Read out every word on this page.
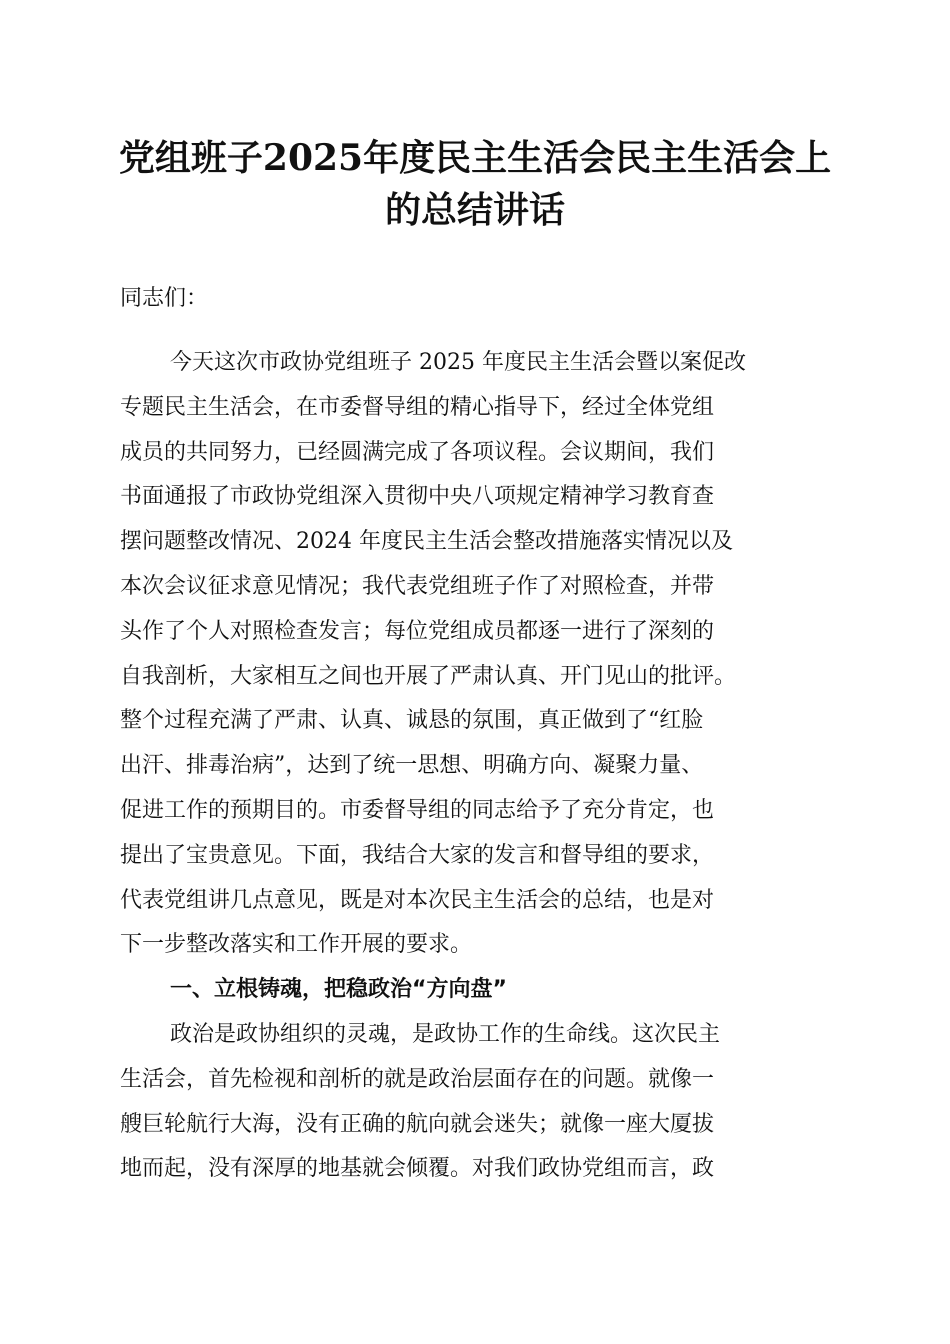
党组班子2025年度民主生活会民主生活会上
的总结讲话

同志们：

今天这次市政协党组班子 2025 年度民主生活会暨以案促改
专题民主生活会，在市委督导组的精心指导下，经过全体党组
成员的共同努力，已经圆满完成了各项议程。会议期间，我们
书面通报了市政协党组深入贯彻中央八项规定精神学习教育查
摆问题整改情况、2024 年度民主生活会整改措施落实情况以及
本次会议征求意见情况；我代表党组班子作了对照检查，并带
头作了个人对照检查发言；每位党组成员都逐一进行了深刻的
自我剖析，大家相互之间也开展了严肃认真、开门见山的批评。
整个过程充满了严肃、认真、诚恳的氛围，真正做到了“红脸
出汗、排毒治病”，达到了统一思想、明确方向、凝聚力量、
促进工作的预期目的。市委督导组的同志给予了充分肯定，也
提出了宝贵意见。下面，我结合大家的发言和督导组的要求，
代表党组讲几点意见，既是对本次民主生活会的总结，也是对
下一步整改落实和工作开展的要求。

一、立根铸魂，把稳政治“方向盘”

政治是政协组织的灵魂，是政协工作的生命线。这次民主
生活会，首先检视和剖析的就是政治层面存在的问题。就像一
艘巨轮航行大海，没有正确的航向就会迷失；就像一座大厦拔
地而起，没有深厚的地基就会倾覆。对我们政协党组而言，政
